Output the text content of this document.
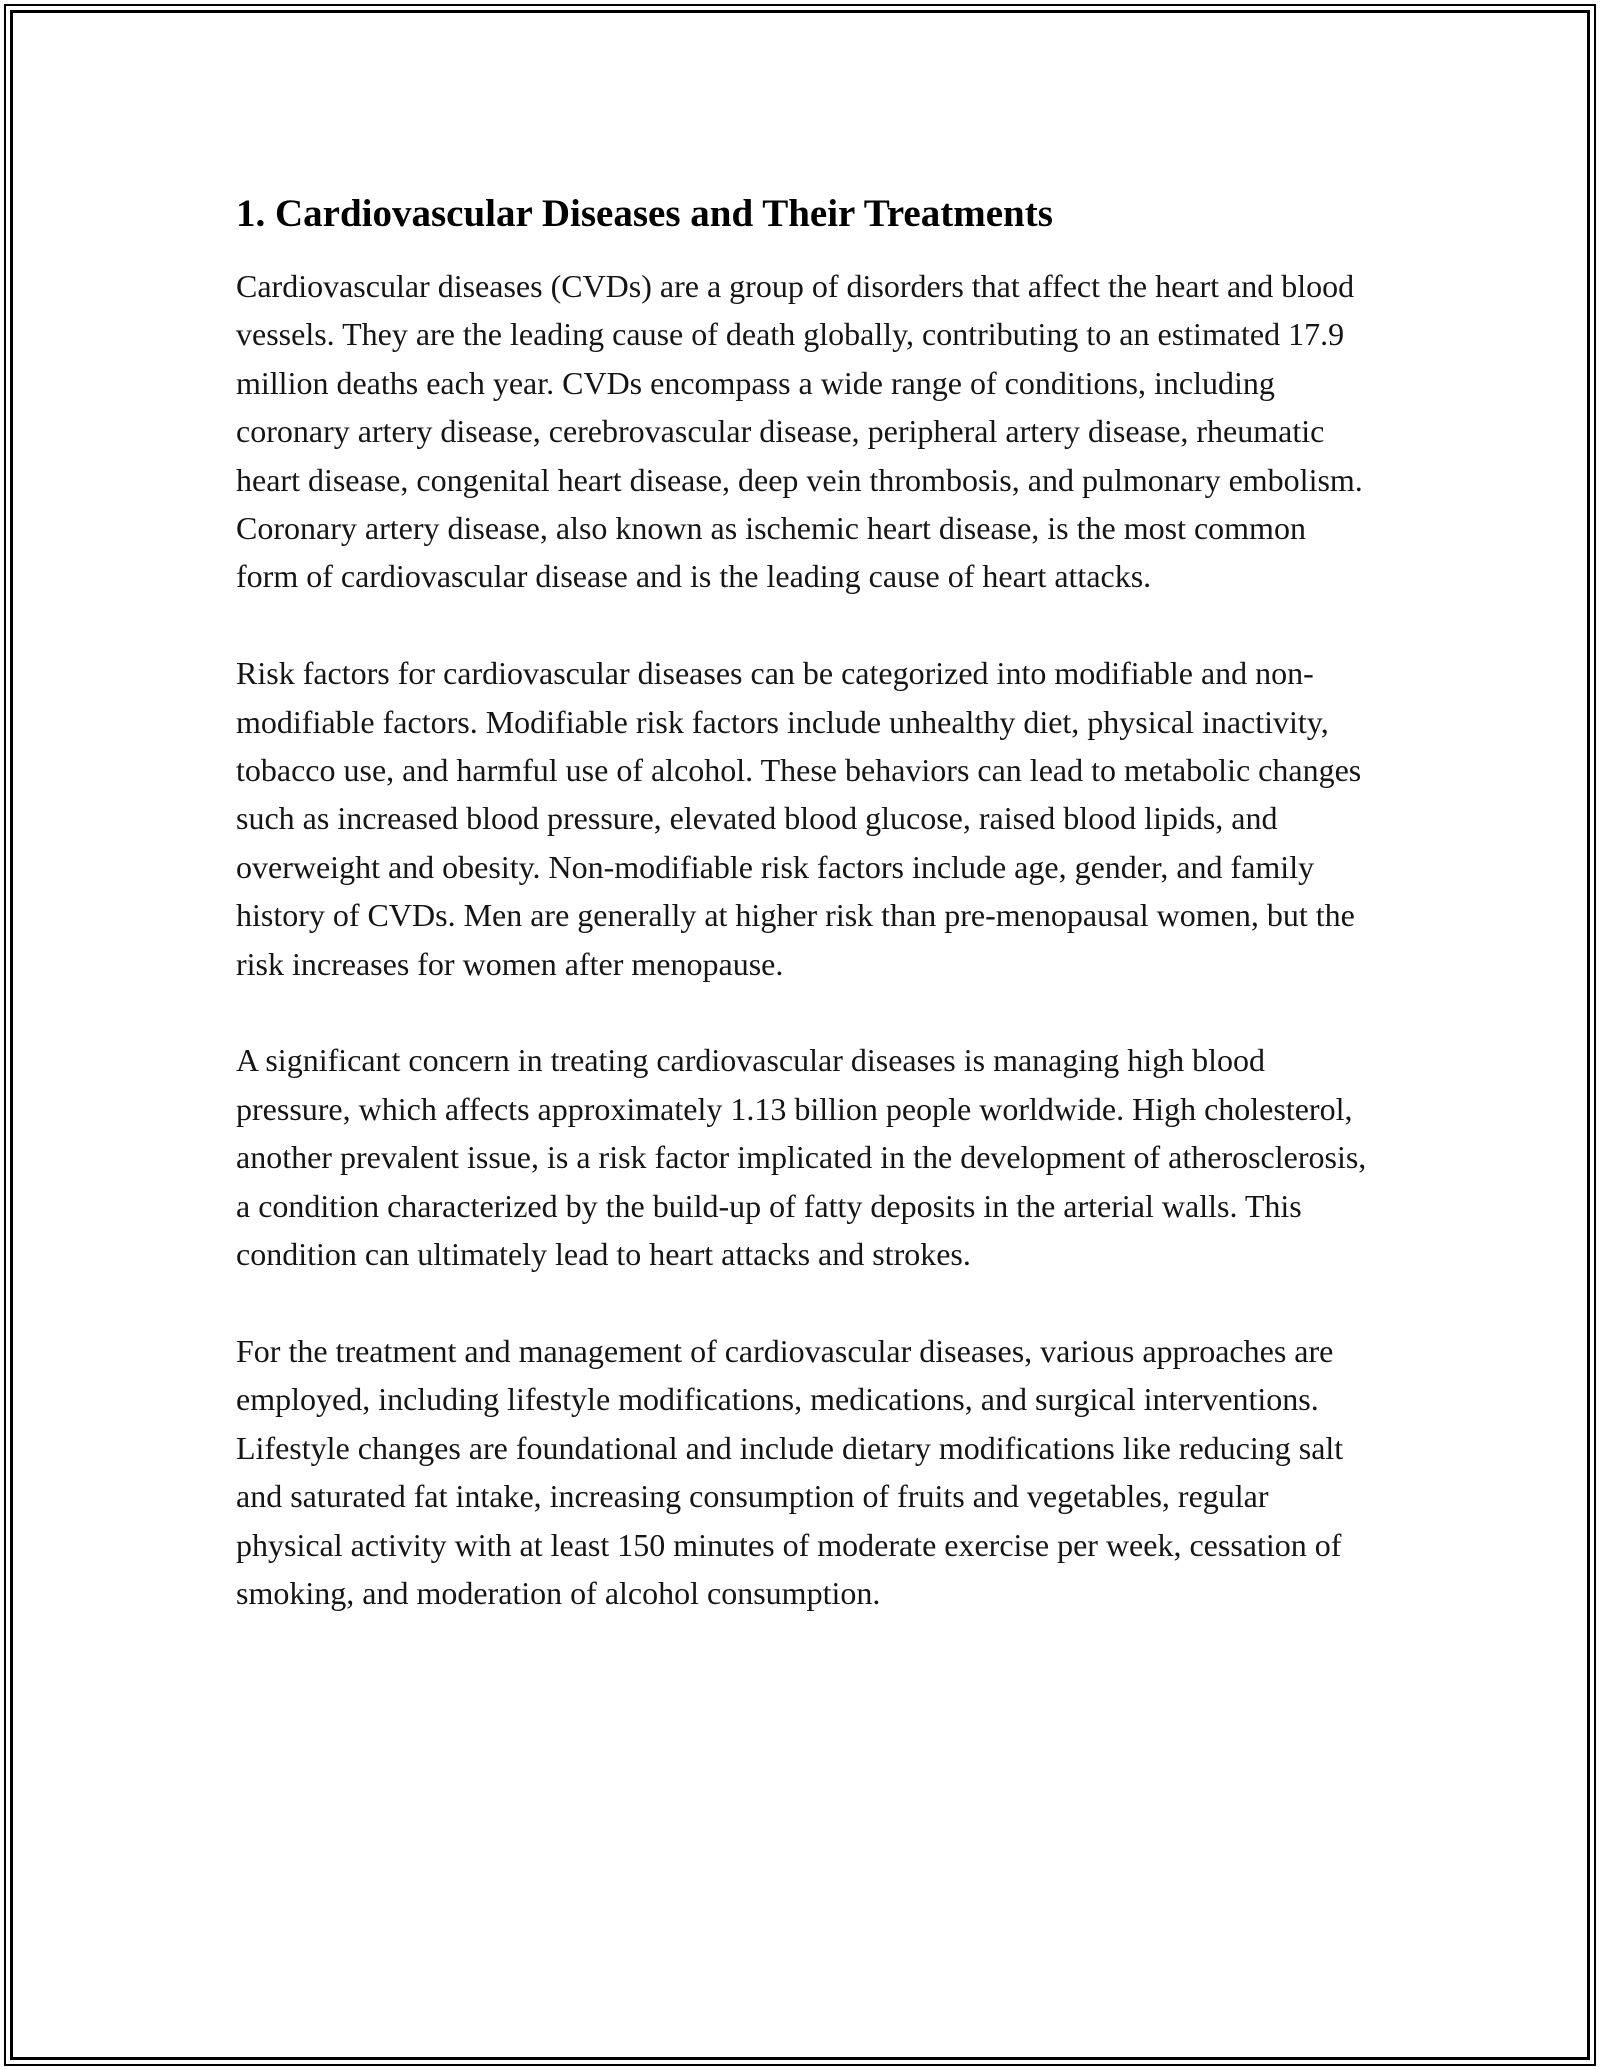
1. Cardiovascular Diseases and Their Treatments

Cardiovascular diseases (CVDs) are a group of disorders that affect the heart and blood vessels. They are the leading cause of death globally, contributing to an estimated 17.9 million deaths each year. CVDs encompass a wide range of conditions, including coronary artery disease, cerebrovascular disease, peripheral artery disease, rheumatic heart disease, congenital heart disease, deep vein thrombosis, and pulmonary embolism. Coronary artery disease, also known as ischemic heart disease, is the most common form of cardiovascular disease and is the leading cause of heart attacks.

Risk factors for cardiovascular diseases can be categorized into modifiable and non-modifiable factors. Modifiable risk factors include unhealthy diet, physical inactivity, tobacco use, and harmful use of alcohol. These behaviors can lead to metabolic changes such as increased blood pressure, elevated blood glucose, raised blood lipids, and overweight and obesity. Non-modifiable risk factors include age, gender, and family history of CVDs. Men are generally at higher risk than pre-menopausal women, but the risk increases for women after menopause.

A significant concern in treating cardiovascular diseases is managing high blood pressure, which affects approximately 1.13 billion people worldwide. High cholesterol, another prevalent issue, is a risk factor implicated in the development of atherosclerosis, a condition characterized by the build-up of fatty deposits in the arterial walls. This condition can ultimately lead to heart attacks and strokes.

For the treatment and management of cardiovascular diseases, various approaches are employed, including lifestyle modifications, medications, and surgical interventions. Lifestyle changes are foundational and include dietary modifications like reducing salt and saturated fat intake, increasing consumption of fruits and vegetables, regular physical activity with at least 150 minutes of moderate exercise per week, cessation of smoking, and moderation of alcohol consumption.
